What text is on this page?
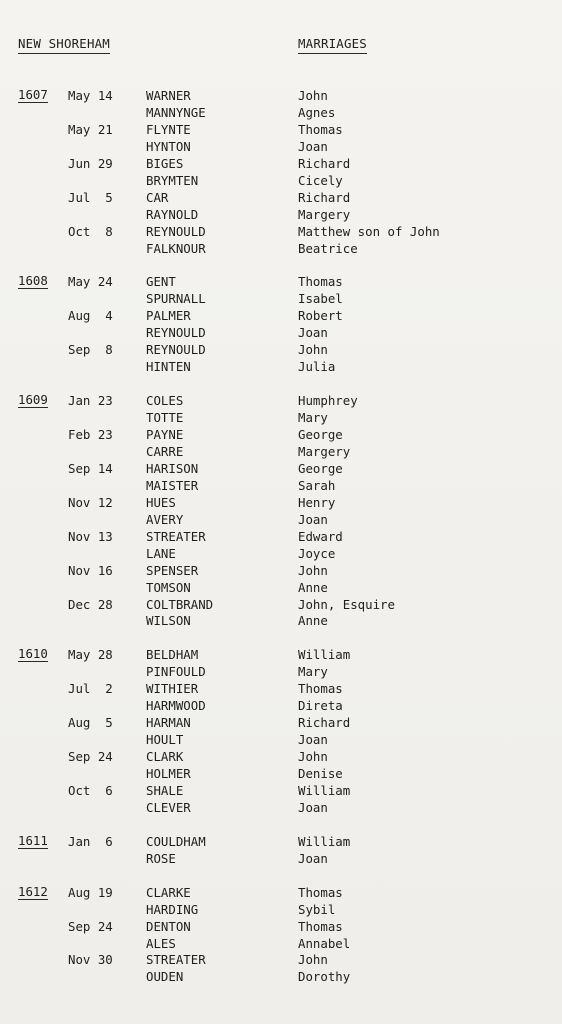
NEW SHOREHAM	MARRIAGES
1607 May 14	WARNER	John
MANNYNGE	Agnes
May 21	FLYNTE	Thomas
HYNTON	Joan
Jun 29	BIGES	Richard
BRYMTEN	Cicely
Jul  5	CAR	Richard
RAYNOLD	Margery
Oct  8	REYNOULD	Matthew son of John
FALKNOUR	Beatrice
1608 May 24	GENT	Thomas
SPURNALL	Isabel
Aug  4	PALMER	Robert
REYNOULD	Joan
Sep  8	REYNOULD	John
HINTEN	Julia
1609 Jan 23	COLES	Humphrey
TOTTE	Mary
Feb 23	PAYNE	George
CARRE	Margery
Sep 14	HARISON	George
MAISTER	Sarah
Nov 12	HUES	Henry
AVERY	Joan
Nov 13	STREATER	Edward
LANE	Joyce
Nov 16	SPENSER	John
TOMSON	Anne
Dec 28	COLTBRAND	John, Esquire
WILSON	Anne
1610 May 28	BELDHAM	William
PINFOULD	Mary
Jul  2	WITHIER	Thomas
HARMWOOD	Direta
Aug  5	HARMAN	Richard
HOULT	Joan
Sep 24	CLARK	John
HOLMER	Denise
Oct  6	SHALE	William
CLEVER	Joan
1611 Jan  6	COULDHAM	William
ROSE	Joan
1612 Aug 19	CLARKE	Thomas
HARDING	Sybil
Sep 24	DENTON	Thomas
ALES	Annabel
Nov 30	STREATER	John
OUDEN	Dorothy
